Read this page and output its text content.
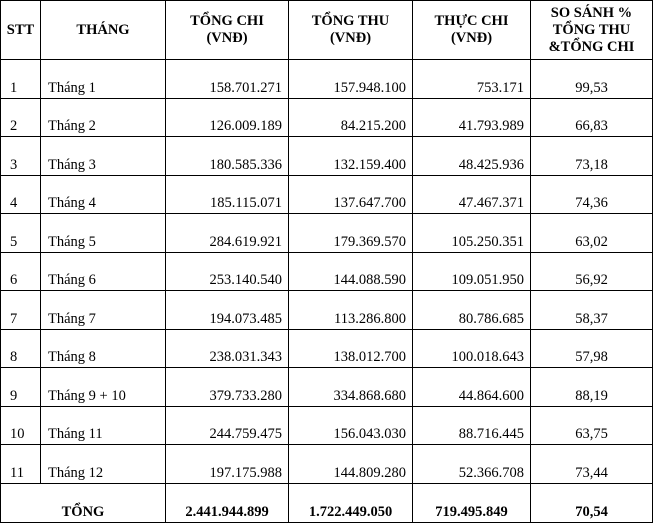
STT	THÁNG	TỔNG CHI (VNĐ)	TỔNG THU (VNĐ)	THỰC CHI (VNĐ)	SO SÁNH % TỔNG THU &TỔNG CHI
1	Tháng 1	158.701.271	157.948.100	753.171	99,53
2	Tháng 2	126.009.189	84.215.200	41.793.989	66,83
3	Tháng 3	180.585.336	132.159.400	48.425.936	73,18
4	Tháng 4	185.115.071	137.647.700	47.467.371	74,36
5	Tháng 5	284.619.921	179.369.570	105.250.351	63,02
6	Tháng 6	253.140.540	144.088.590	109.051.950	56,92
7	Tháng 7	194.073.485	113.286.800	80.786.685	58,37
8	Tháng 8	238.031.343	138.012.700	100.018.643	57,98
9	Tháng 9 + 10	379.733.280	334.868.680	44.864.600	88,19
10	Tháng 11	244.759.475	156.043.030	88.716.445	63,75
11	Tháng 12	197.175.988	144.809.280	52.366.708	73,44
TỔNG		2.441.944.899	1.722.449.050	719.495.849	70,54
